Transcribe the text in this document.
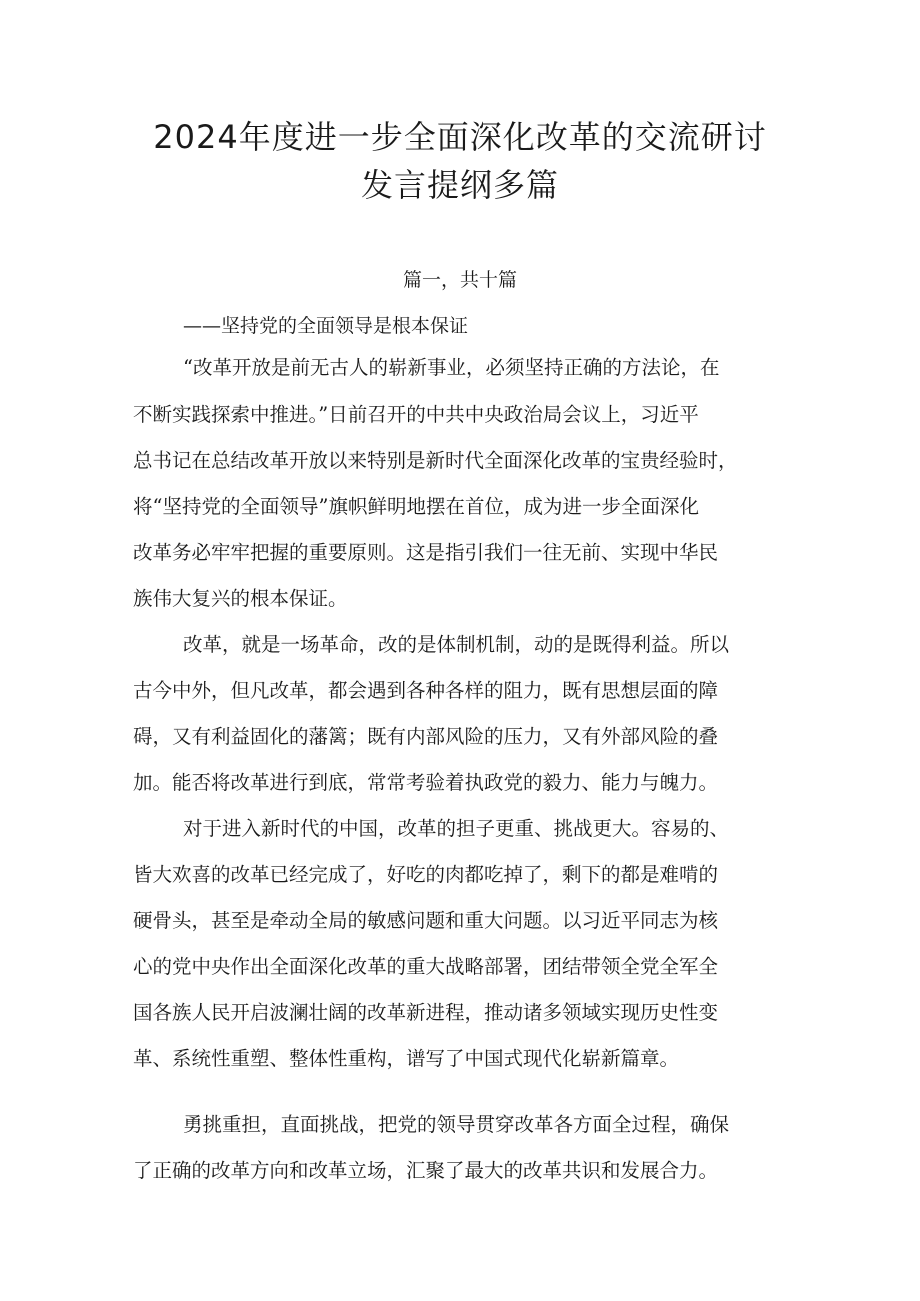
2024年度进一步全面深化改革的交流研讨
发言提纲多篇
篇一，共十篇
——坚持党的全面领导是根本保证
“改革开放是前无古人的崭新事业，必须坚持正确的方法论，在
不断实践探索中推进。”日前召开的中共中央政治局会议上，习近平
总书记在总结改革开放以来特别是新时代全面深化改革的宝贵经验时，
将“坚持党的全面领导”旗帜鲜明地摆在首位，成为进一步全面深化
改革务必牢牢把握的重要原则。这是指引我们一往无前、实现中华民
族伟大复兴的根本保证。
改革，就是一场革命，改的是体制机制，动的是既得利益。所以
古今中外，但凡改革，都会遇到各种各样的阻力，既有思想层面的障
碍，又有利益固化的藩篱；既有内部风险的压力，又有外部风险的叠
加。能否将改革进行到底，常常考验着执政党的毅力、能力与魄力。
对于进入新时代的中国，改革的担子更重、挑战更大。容易的、
皆大欢喜的改革已经完成了，好吃的肉都吃掉了，剩下的都是难啃的
硬骨头，甚至是牵动全局的敏感问题和重大问题。以习近平同志为核
心的党中央作出全面深化改革的重大战略部署，团结带领全党全军全
国各族人民开启波澜壮阔的改革新进程，推动诸多领域实现历史性变
革、系统性重塑、整体性重构，谱写了中国式现代化崭新篇章。
勇挑重担，直面挑战，把党的领导贯穿改革各方面全过程，确保
了正确的改革方向和改革立场，汇聚了最大的改革共识和发展合力。
